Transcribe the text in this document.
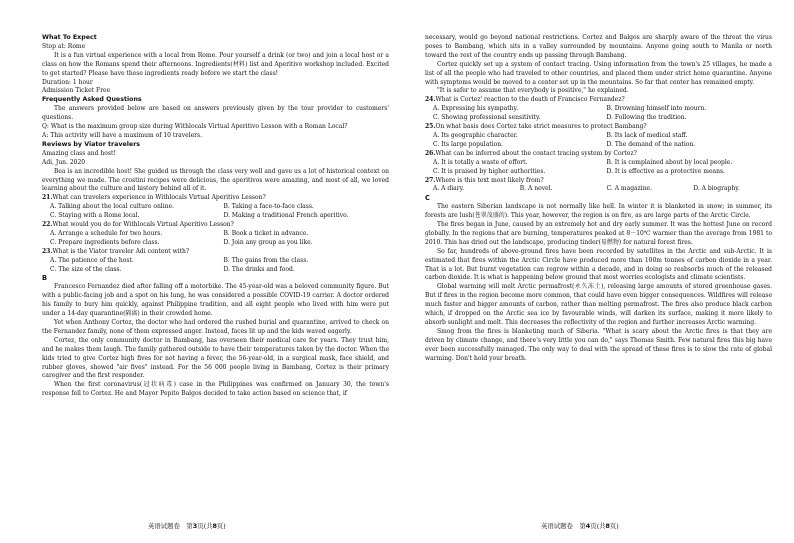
What To Expect

Stop at: Rome

It is a fun virtual experience with a local from Rome. Pour yourself a drink (or two) and join a local host or a class on how the Romans spend their afternoons. Ingredients(材料) list and Aperitivo workshop included. Excited to get started? Please have these ingredients ready before we start the class!

Duration: 1 hour

Admission Ticket Free

Frequently Asked Questions

The answers provided below are based on answers previously given by the tour provider to customers' questions.

Q: What is the maximum group size during Withlocals Virtual Aperitivo Lesson with a Roman Local?

A: This activity will have a maximum of 10 travelers.

Reviews by Viator travelers

Amazing class and host!

Adi, Jun. 2020

Bea is an incredible host! She guided us through the class very well and gave us a lot of historical context on everything we made. The crostini recipes were delicious, the aperitivos were amazing, and most of all, we loved learning about the culture and history behind all of it.

21.What can travelers experience in Withlocals Virtual Aperitivo Lesson?

A. Talking about the local culture online.	B. Taking a face-to-face class.
C. Staying with a Rome local.	D. Making a traditional French aperitivo.

22.What would you do for Withlocals Virtual Aperitivo Lesson?

A. Arrange a schedule for two hours.	B. Book a ticket in advance.
C. Prepare ingredients before class.	D. Join any group as you like.

23.What is the Viator traveler Adi content with?

A. The patience of the host.	B. The gains from the class.
C. The size of the class.	D. The drinks and food.

B

Francesco Fernandez died after falling off a motorbike. The 45-year-old was a beloved community figure. But with a public-facing job and a spot on his lung, he was considered a possible COVID-19 carrier. A doctor ordered his family to bury him quickly, against Philippine tradition, and all eight people who lived with him were put under a 14-day quarantine(隔离) in their crowded home.

Yet when Anthony Cortez, the doctor who had ordered the rushed burial and quarantine, arrived to check on the Fernandez family, none of them expressed anger. Instead, faces lit up and the kids waved eagerly.

Cortez, the only community doctor in Bambang, has overseen their medical care for years. They trust him, and he makes them laugh. The family gathered outside to have their temperatures taken by the doctor. When the kids tried to give Cortez high fives for not having a fever, the 56-year-old, in a surgical mask, face shield, and rubber gloves, showed "air fives" instead. For the 56 000 people living in Bambang, Cortez is their primary caregiver and the first responder.

When the first coronavirus(冠状病毒) case in the Philippines was confirmed on January 30, the town's response fell to Cortez. He and Mayor Pepito Balgos decided to take action based on science that, if

necessary, would go beyond national restrictions. Cortez and Balgos are sharply aware of the threat the virus poses to Bambang, which sits in a valley surrounded by mountains. Anyone going south to Manila or north toward the rest of the country ends up passing through Bambang.

Cortez quickly set up a system of contact tracing. Using information from the town's 25 villages, he made a list of all the people who had traveled to other countries, and placed them under strict home quarantine. Anyone with symptoms would be moved to a center set up in the mountains. So far that center has remained empty.

"It is safer to assume that everybody is positive," he explained.

24.What is Cortez' reaction to the death of Francisco Fernandez?

A. Expressing his sympathy.	B. Drowning himself into mourn.
C. Showing professional sensitivity.	D. Following the tradition.

25.On what basis does Cortez take strict measures to protect Bambang?

A. Its geographic character.	B. Its lack of medical staff.
C. Its large population.	D. The demand of the nation.

26.What can be inferred about the contact tracing system by Cortez?

A. It is totally a waste of effort.	B. It is complained about by local people.
C. It is praised by higher authorities.	D. It is effective as a protective means.

27.Where is this text most likely from?

A. A diary.	B. A novel.	C. A magazine.	D. A biography.

C

The eastern Siberian landscape is not normally like hell. In winter it is blanketed in snow; in summer, its forests are lush(苍翠茂盛的). This year, however, the region is on fire, as are large parts of the Arctic Circle.

The fires began in June, caused by an extremely hot and dry early summer. It was the hottest June on record globally. In the regions that are burning, temperatures peaked at 8－10℃ warmer than the average from 1981 to 2010. This has dried out the landscape, producing tinder(易燃物) for natural forest fires.

So far, hundreds of above-ground fires have been recorded by satellites in the Arctic and sub-Arctic. It is estimated that fires within the Arctic Circle have produced more than 100m tonnes of carbon dioxide in a year. That is a lot. But burnt vegetation can regrow within a decade, and in doing so reabsorbs much of the released carbon dioxide. It is what is happening below ground that most worries ecologists and climate scientists.

Global warming will melt Arctic permafrost(永久冻土), releasing large amounts of stored greenhouse gases. But if fires in the region become more common, that could have even bigger consequences. Wildfires will release much faster and bigger amounts of carbon, rather than melting permafrost. The fires also produce black carbon which, if dropped on the Arctic sea ice by favourable winds, will darken its surface, making it more likely to absorb sunlight and melt. This decreases the reflectivity of the region and further increases Arctic warming.

Smog from the fires is blanketing much of Siberia. "What is scary about the Arctic fires is that they are driven by climate change, and there's very little you can do," says Thomas Smith. Few natural fires this big have ever been successfully managed. The only way to deal with the spread of these fires is to slow the rate of global warming. Don't hold your breath.

英语试题卷　第3页(共8页)	英语试题卷　第4页(共8页)
